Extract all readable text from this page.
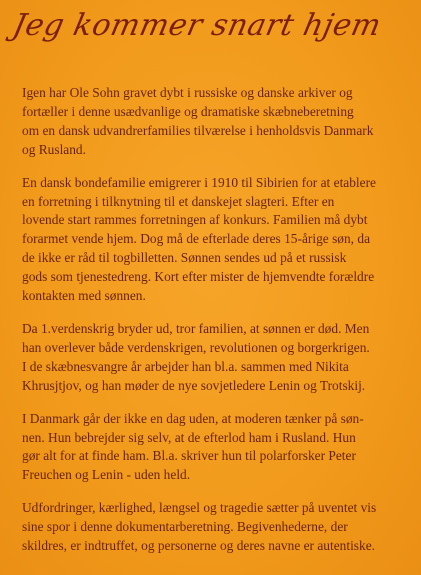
Jeg kommer snart hjem

Igen har Ole Sohn gravet dybt i russiske og danske arkiver og
fortæller i denne usædvanlige og dramatiske skæbneberetning
om en dansk udvandrerfamilies tilværelse i henholdsvis Danmark
og Rusland.

En dansk bondefamilie emigrerer i 1910 til Sibirien for at etablere
en forretning i tilknytning til et danskejet slagteri. Efter en
lovende start rammes forretningen af konkurs. Familien må dybt
forarmet vende hjem. Dog må de efterlade deres 15-årige søn, da
de ikke er råd til togbilletten. Sønnen sendes ud på et russisk
gods som tjenestedreng. Kort efter mister de hjemvendte forældre
kontakten med sønnen.

Da 1.verdenskrig bryder ud, tror familien, at sønnen er død. Men
han overlever både verdenskrigen, revolutionen og borgerkrigen.
I de skæbnesvangre år arbejder han bl.a. sammen med Nikita
Khrusjtjov, og han møder de nye sovjetledere Lenin og Trotskij.

I Danmark går der ikke en dag uden, at moderen tænker på søn-
nen. Hun bebrejder sig selv, at de efterlod ham i Rusland. Hun
gør alt for at finde ham. Bl.a. skriver hun til polarforsker Peter
Freuchen og Lenin - uden held.

Udfordringer, kærlighed, længsel og tragedie sætter på uventet vis
sine spor i denne dokumentarberetning. Begivenhederne, der
skildres, er indtruffet, og personerne og deres navne er autentiske.
